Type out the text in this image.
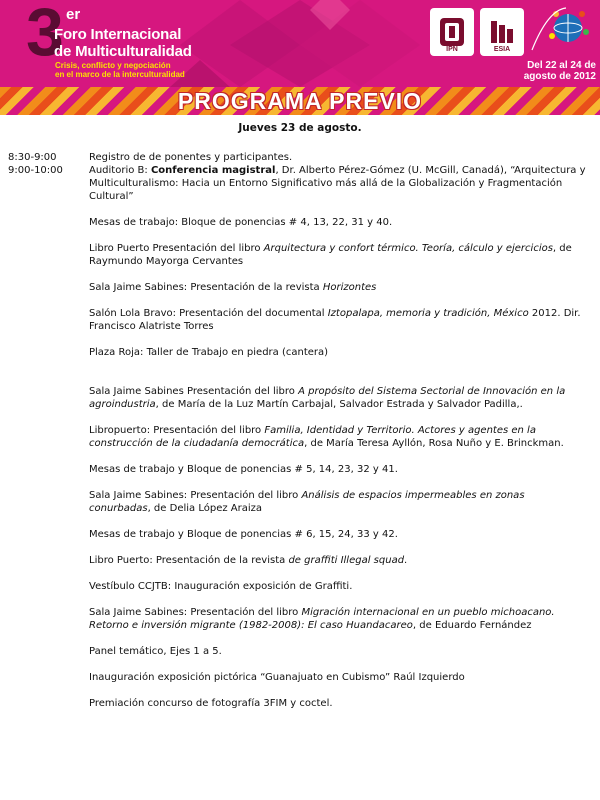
3 er
Foro Internacional
de Multiculturalidad
Crisis, conflicto y negociación
en el marco de la interculturalidad
IPN	ESIA
Del 22 al 24 de
agosto de 2012
PROGRAMA PREVIO
Jueves 23 de agosto.
8:30-9:00
9:00-10:00

Registro de de ponentes y participantes.

Auditorio B: Conferencia magistral, Dr. Alberto Pérez-Gómez (U. McGill, Canadá), “Arquitectura y Multiculturalismo: Hacia un Entorno Significativo más allá de la Globalización y Fragmentación Cultural”

Mesas de trabajo: Bloque de ponencias # 4, 13, 22, 31 y 40.

Libro Puerto Presentación del libro Arquitectura y confort térmico. Teoría, cálculo y ejercicios, de Raymundo Mayorga Cervantes

Sala Jaime Sabines: Presentación de la revista Horizontes

Salón Lola Bravo: Presentación del documental Iztopalapa, memoria y tradición, México 2012. Dir. Francisco Alatriste Torres

Plaza Roja: Taller de Trabajo en piedra (cantera)

Sala Jaime Sabines Presentación del libro A propósito del Sistema Sectorial de Innovación en la agroindustria, de María de la Luz Martín Carbajal, Salvador Estrada y Salvador Padilla,.

Libropuerto: Presentación del libro Familia, Identidad y Territorio. Actores y agentes en la construcción de la ciudadanía democrática, de María Teresa Ayllón, Rosa Nuño y E. Brinckman.

Mesas de trabajo y Bloque de ponencias # 5, 14, 23, 32 y 41.

Sala Jaime Sabines: Presentación del libro Análisis de espacios impermeables en zonas conurbadas, de Delia López Araiza

Mesas de trabajo y Bloque de ponencias # 6, 15, 24, 33 y 42.

Libro Puerto: Presentación de la revista de graffiti Illegal squad.

Vestíbulo CCJTB: Inauguración exposición de Graffiti.

Sala Jaime Sabines: Presentación del libro Migración internacional en un pueblo michoacano. Retorno e inversión migrante (1982-2008): El caso Huandacareo, de Eduardo Fernández

Panel temático, Ejes 1 a 5.

Inauguración exposición pictórica “Guanajuato en Cubismo” Raúl Izquierdo

Premiación concurso de fotografía 3FIM y coctel.
